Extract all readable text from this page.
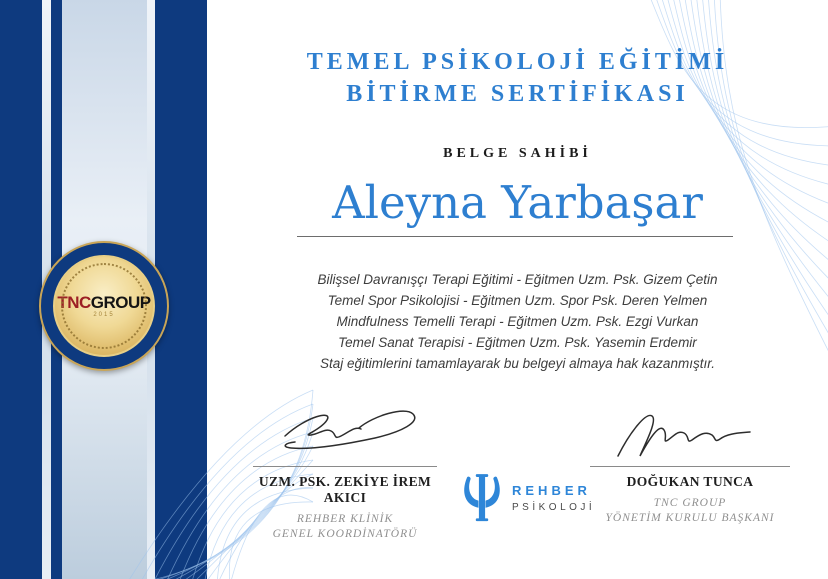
TNCGROUP
2015
TEMEL PSİKOLOJİ EĞİTİMİ
BİTİRME SERTİFİKASI
BELGE SAHİBİ
Aleyna Yarbaşar

Bilişsel Davranışçı Terapi Eğitimi - Eğitmen Uzm. Psk. Gizem Çetin

Temel Spor Psikolojisi - Eğitmen Uzm. Spor Psk. Deren Yelmen

Mindfulness Temelli Terapi - Eğitmen Uzm. Psk. Ezgi Vurkan

Temel Sanat Terapisi - Eğitmen Uzm. Psk. Yasemin Erdemir

Staj eğitimlerini tamamlayarak bu belgeyi almaya hak kazanmıştır.

UZM. PSK. ZEKİYE İREM AKICI
REHBER KLİNİK
GENEL KOORDİNATÖRÜ
REHBER
PSİKOLOJİ
DOĞUKAN TUNCA
TNC GROUP
YÖNETİM KURULU BAŞKANI
